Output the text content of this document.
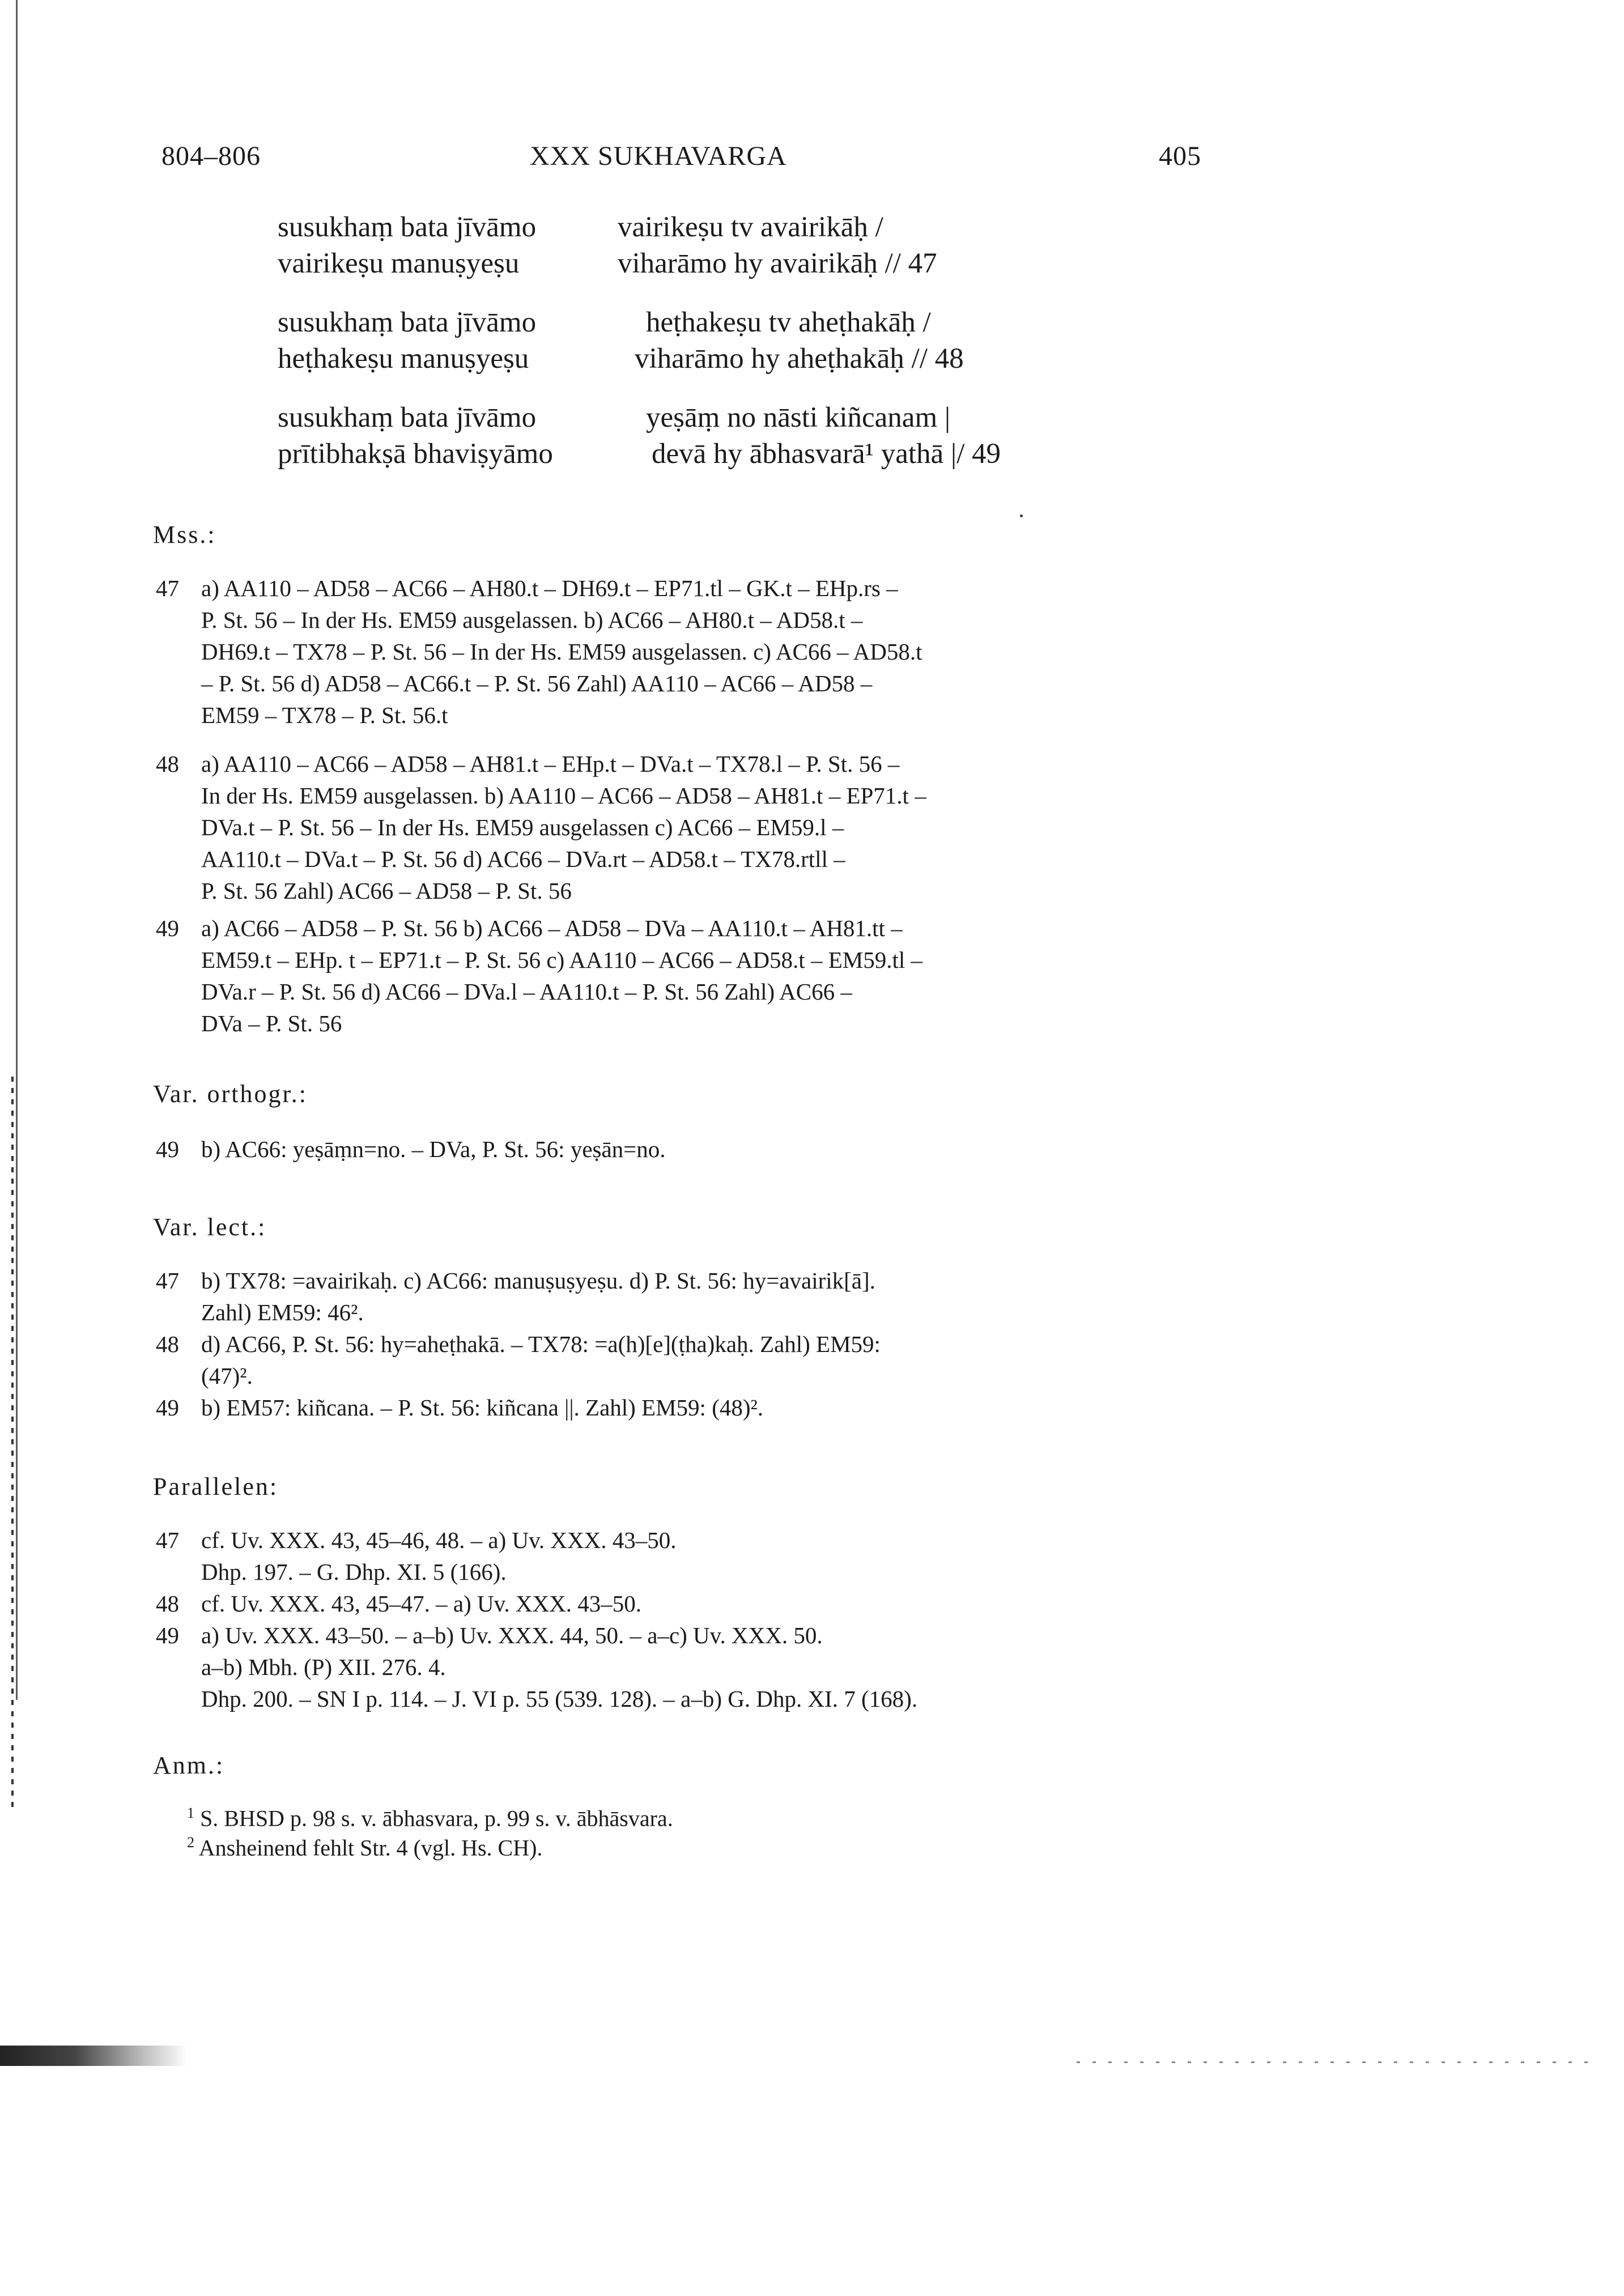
804–806	XXX SUKHAVARGA	405
susukhaṃ bata jīvāmo	vairikeṣu tv avairikāḥ /
vairikeṣu manuṣyeṣu	viharāmo hy avairikāḥ // 47
susukhaṃ bata jīvāmo	heṭhakeṣu tv aheṭhakāḥ /
heṭhakeṣu manuṣyeṣu	viharāmo hy aheṭhakāḥ // 48
susukhaṃ bata jīvāmo	yeṣāṃ no nāsti kiñcanam |
prītibhakṣā bhaviṣyāmo	devā hy ābhasvarā¹ yathā |/ 49
Mss.:
47 a) AA110 – AD58 – AC66 – AH80.t – DH69.t – EP71.tl – GK.t – EHp.rs –
P. St. 56 – In der Hs. EM59 ausgelassen. b) AC66 – AH80.t – AD58.t –
DH69.t – TX78 – P. St. 56 – In der Hs. EM59 ausgelassen. c) AC66 – AD58.t
– P. St. 56 d) AD58 – AC66.t – P. St. 56 Zahl) AA110 – AC66 – AD58 –
EM59 – TX78 – P. St. 56.t
48 a) AA110 – AC66 – AD58 – AH81.t – EHp.t – DVa.t – TX78.l – P. St. 56 –
In der Hs. EM59 ausgelassen. b) AA110 – AC66 – AD58 – AH81.t – EP71.t –
DVa.t – P. St. 56 – In der Hs. EM59 ausgelassen c) AC66 – EM59.l –
AA110.t – DVa.t – P. St. 56 d) AC66 – DVa.rt – AD58.t – TX78.rtll –
P. St. 56 Zahl) AC66 – AD58 – P. St. 56
49 a) AC66 – AD58 – P. St. 56 b) AC66 – AD58 – DVa – AA110.t – AH81.tt –
EM59.t – EHp. t – EP71.t – P. St. 56 c) AA110 – AC66 – AD58.t – EM59.tl –
DVa.r – P. St. 56 d) AC66 – DVa.l – AA110.t – P. St. 56 Zahl) AC66 –
DVa – P. St. 56
Var. orthogr.:
49 b) AC66: yeṣāṃn=no. – DVa, P. St. 56: yeṣān=no.
Var. lect.:
47 b) TX78: =avairikaḥ. c) AC66: manuṣuṣyeṣu. d) P. St. 56: hy=avairik[ā].
Zahl) EM59: 46².
48 d) AC66, P. St. 56: hy=aheṭhakā. – TX78: =a(h)[e](ṭha)kaḥ. Zahl) EM59:
(47)².
49 b) EM57: kiñcana. – P. St. 56: kiñcana ||. Zahl) EM59: (48)².
Parallelen:
47 cf. Uv. XXX. 43, 45–46, 48. – a) Uv. XXX. 43–50.
Dhp. 197. – G. Dhp. XI. 5 (166).
48 cf. Uv. XXX. 43, 45–47. – a) Uv. XXX. 43–50.
49 a) Uv. XXX. 43–50. – a–b) Uv. XXX. 44, 50. – a–c) Uv. XXX. 50.
a–b) Mbh. (P) XII. 276. 4.
Dhp. 200. – SN I p. 114. – J. VI p. 55 (539. 128). – a–b) G. Dhp. XI. 7 (168).
Anm.:
$^1$ S. BHSD p. 98 s. v. ābhasvara, p. 99 s. v. ābhāsvara.
$^2$ Ansheinend fehlt Str. 4 (vgl. Hs. CH).
